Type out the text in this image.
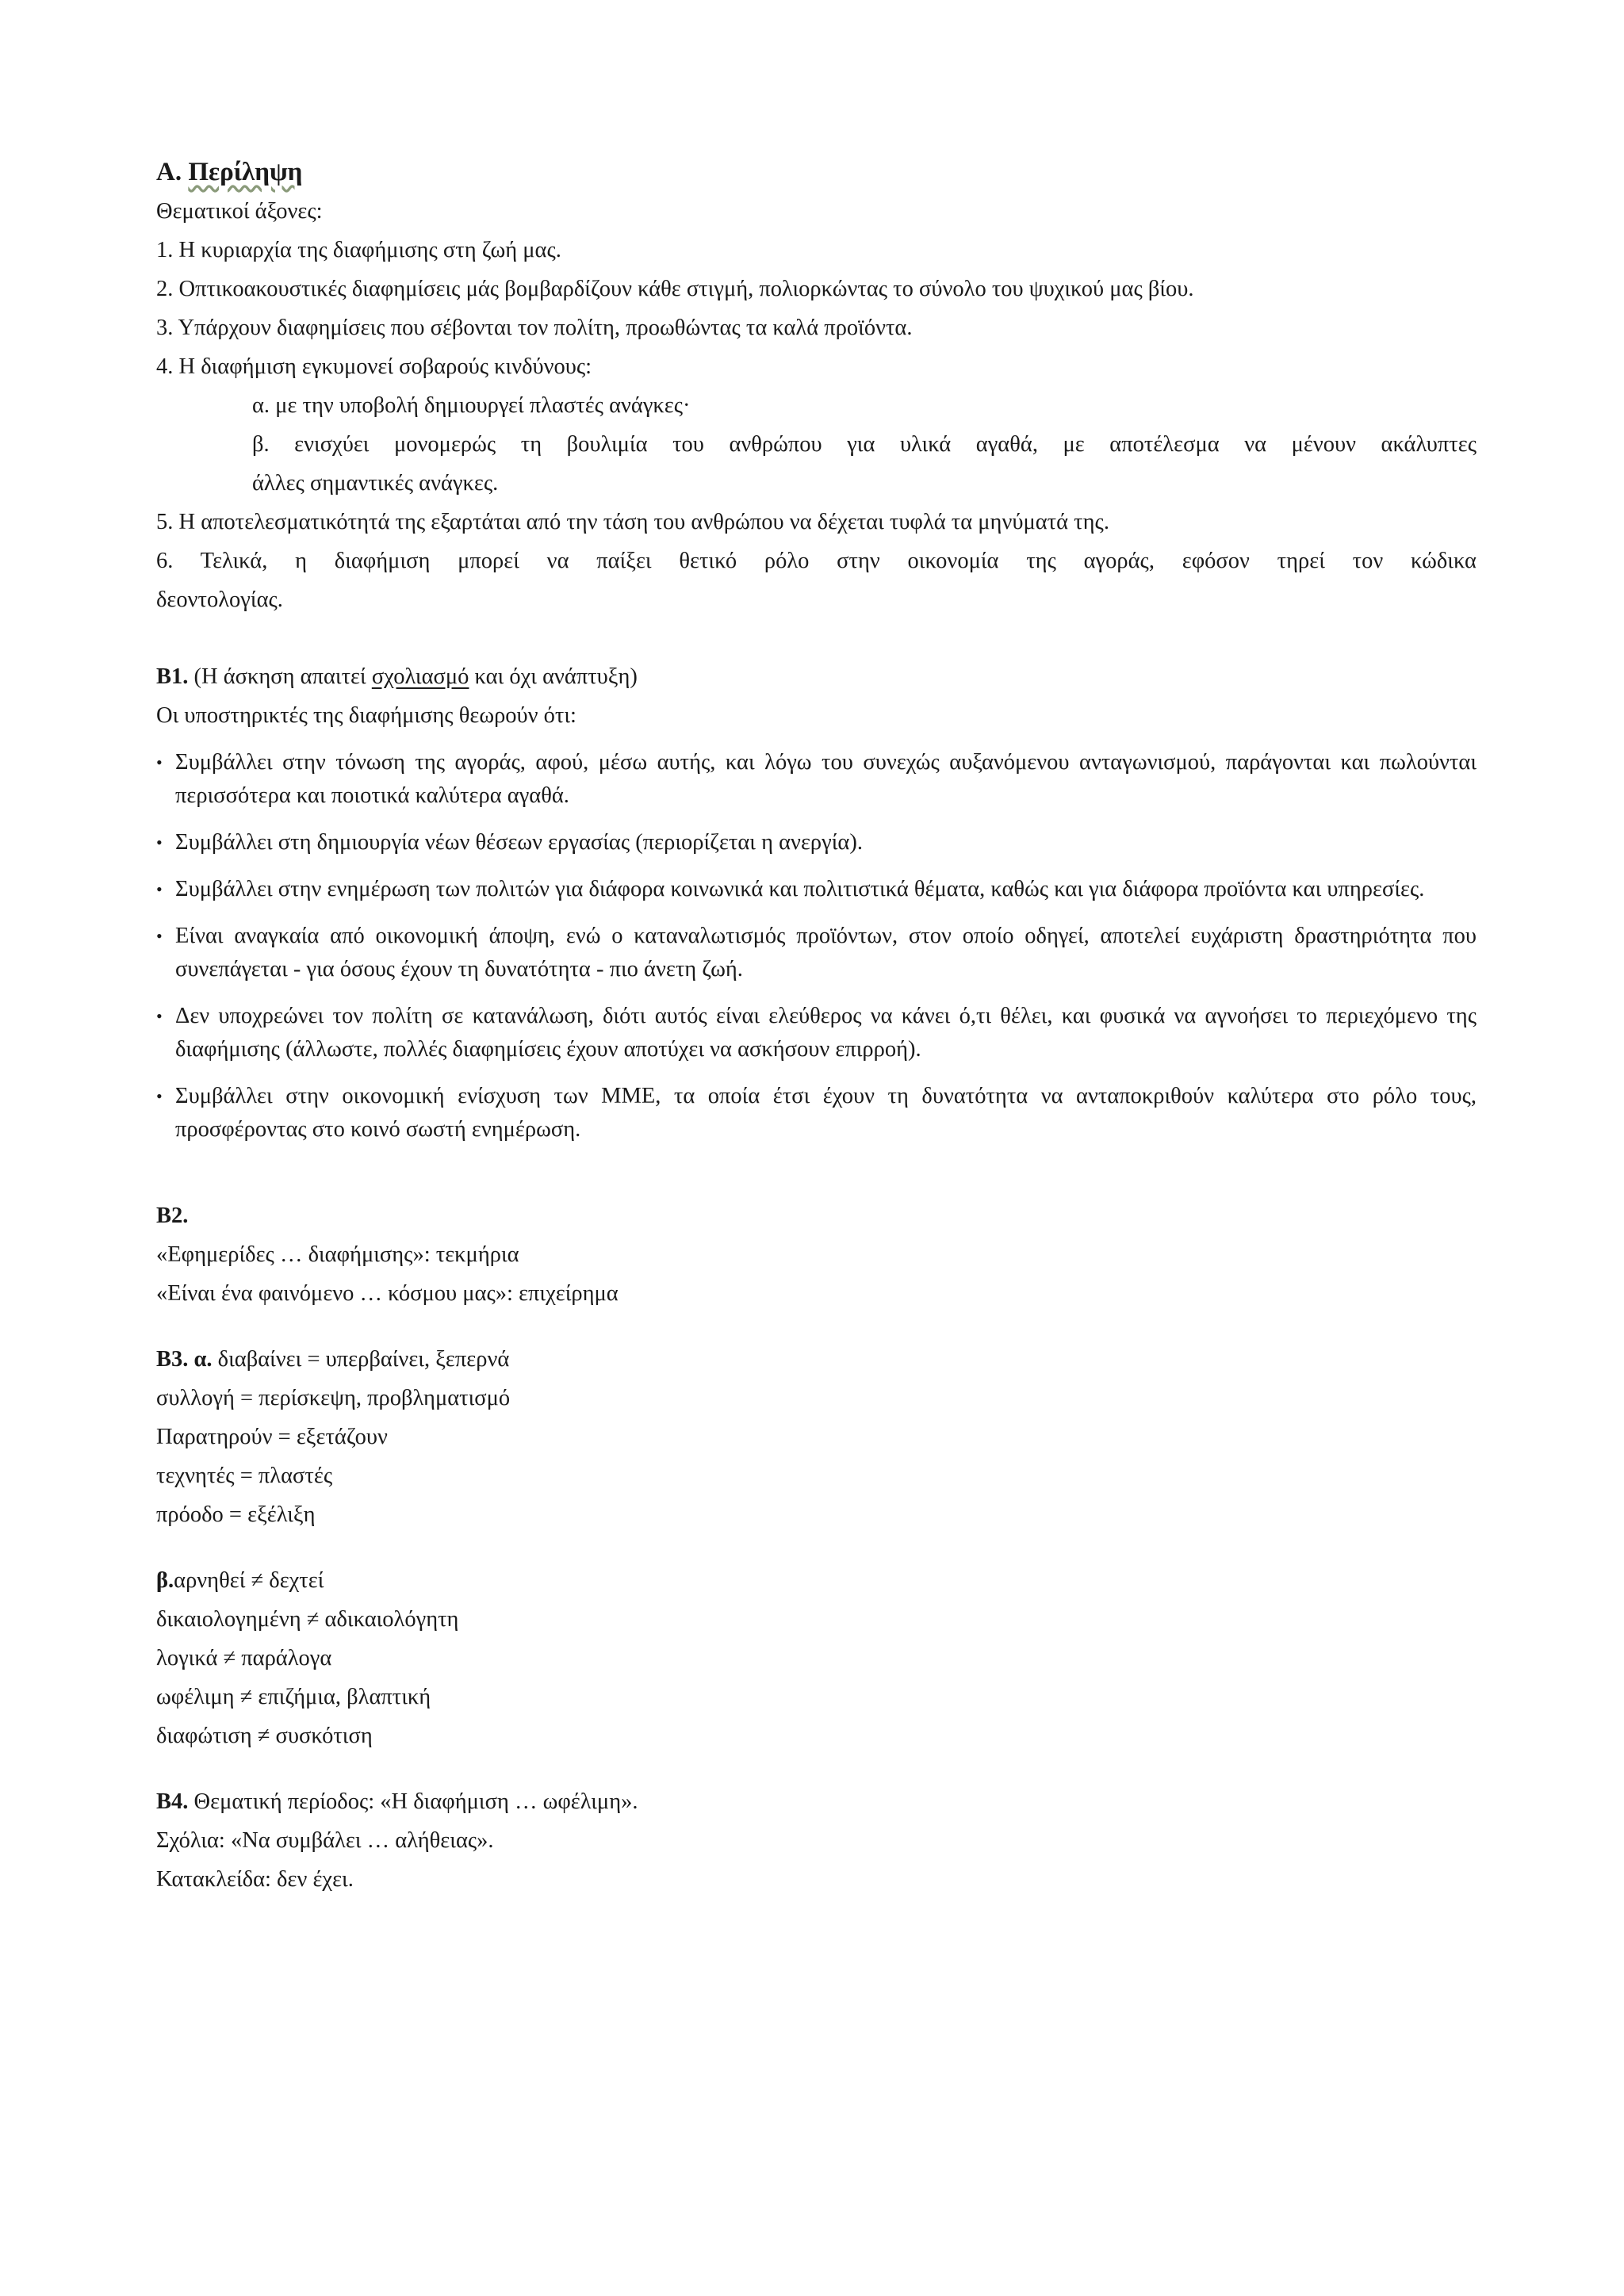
A. Περίληψη
Θεματικοί άξονες:
1. Η κυριαρχία της διαφήμισης στη ζωή μας.
2. Οπτικοακουστικές διαφημίσεις μάς βομβαρδίζουν κάθε στιγμή, πολιορκώντας το σύνολο του ψυχικού μας βίου.
3. Υπάρχουν διαφημίσεις που σέβονται τον πολίτη, προωθώντας τα καλά προϊόντα.
4. Η διαφήμιση εγκυμονεί σοβαρούς κινδύνους:
α. με την υποβολή δημιουργεί πλαστές ανάγκες·
β. ενισχύει μονομερώς τη βουλιμία του ανθρώπου για υλικά αγαθά, με αποτέλεσμα να μένουν ακάλυπτες
άλλες σημαντικές ανάγκες.
5. Η αποτελεσματικότητά της εξαρτάται από την τάση του ανθρώπου να δέχεται τυφλά τα μηνύματά της.
6. Τελικά, η διαφήμιση μπορεί να παίξει θετικό ρόλο στην οικονομία της αγοράς, εφόσον τηρεί τον κώδικα
δεοντολογίας.
B1. (Η άσκηση απαιτεί σχολιασμό και όχι ανάπτυξη)
Οι υποστηρικτές της διαφήμισης θεωρούν ότι:
• Συμβάλλει στην τόνωση της αγοράς, αφού, μέσω αυτής, και λόγω του συνεχώς αυξανόμενου ανταγωνισμού, παράγονται και πωλούνται περισσότερα και ποιοτικά καλύτερα αγαθά.
• Συμβάλλει στη δημιουργία νέων θέσεων εργασίας (περιορίζεται η ανεργία).
• Συμβάλλει στην ενημέρωση των πολιτών για διάφορα κοινωνικά και πολιτιστικά θέματα, καθώς και για διάφορα προϊόντα και υπηρεσίες.
• Είναι αναγκαία από οικονομική άποψη, ενώ ο καταναλωτισμός προϊόντων, στον οποίο οδηγεί, αποτελεί ευχάριστη δραστηριότητα που συνεπάγεται - για όσους έχουν τη δυνατότητα - πιο άνετη ζωή.
• Δεν υποχρεώνει τον πολίτη σε κατανάλωση, διότι αυτός είναι ελεύθερος να κάνει ό,τι θέλει, και φυσικά να αγνοήσει το περιεχόμενο της διαφήμισης (άλλωστε, πολλές διαφημίσεις έχουν αποτύχει να ασκήσουν επιρροή).
• Συμβάλλει στην οικονομική ενίσχυση των ΜΜΕ, τα οποία έτσι έχουν τη δυνατότητα να ανταποκριθούν καλύτερα στο ρόλο τους, προσφέροντας στο κοινό σωστή ενημέρωση.
B2.
«Εφημερίδες … διαφήμισης»: τεκμήρια
«Είναι ένα φαινόμενο … κόσμου μας»: επιχείρημα
B3. α. διαβαίνει = υπερβαίνει, ξεπερνά
συλλογή = περίσκεψη, προβληματισμό
Παρατηρούν = εξετάζουν
τεχνητές = πλαστές
πρόοδο = εξέλιξη
β.αρνηθεί ≠ δεχτεί
δικαιολογημένη ≠ αδικαιολόγητη
λογικά ≠ παράλογα
ωφέλιμη ≠ επιζήμια, βλαπτική
διαφώτιση ≠ συσκότιση
B4. Θεματική περίοδος: «Η διαφήμιση … ωφέλιμη».
Σχόλια: «Να συμβάλει … αλήθειας».
Κατακλείδα: δεν έχει.
